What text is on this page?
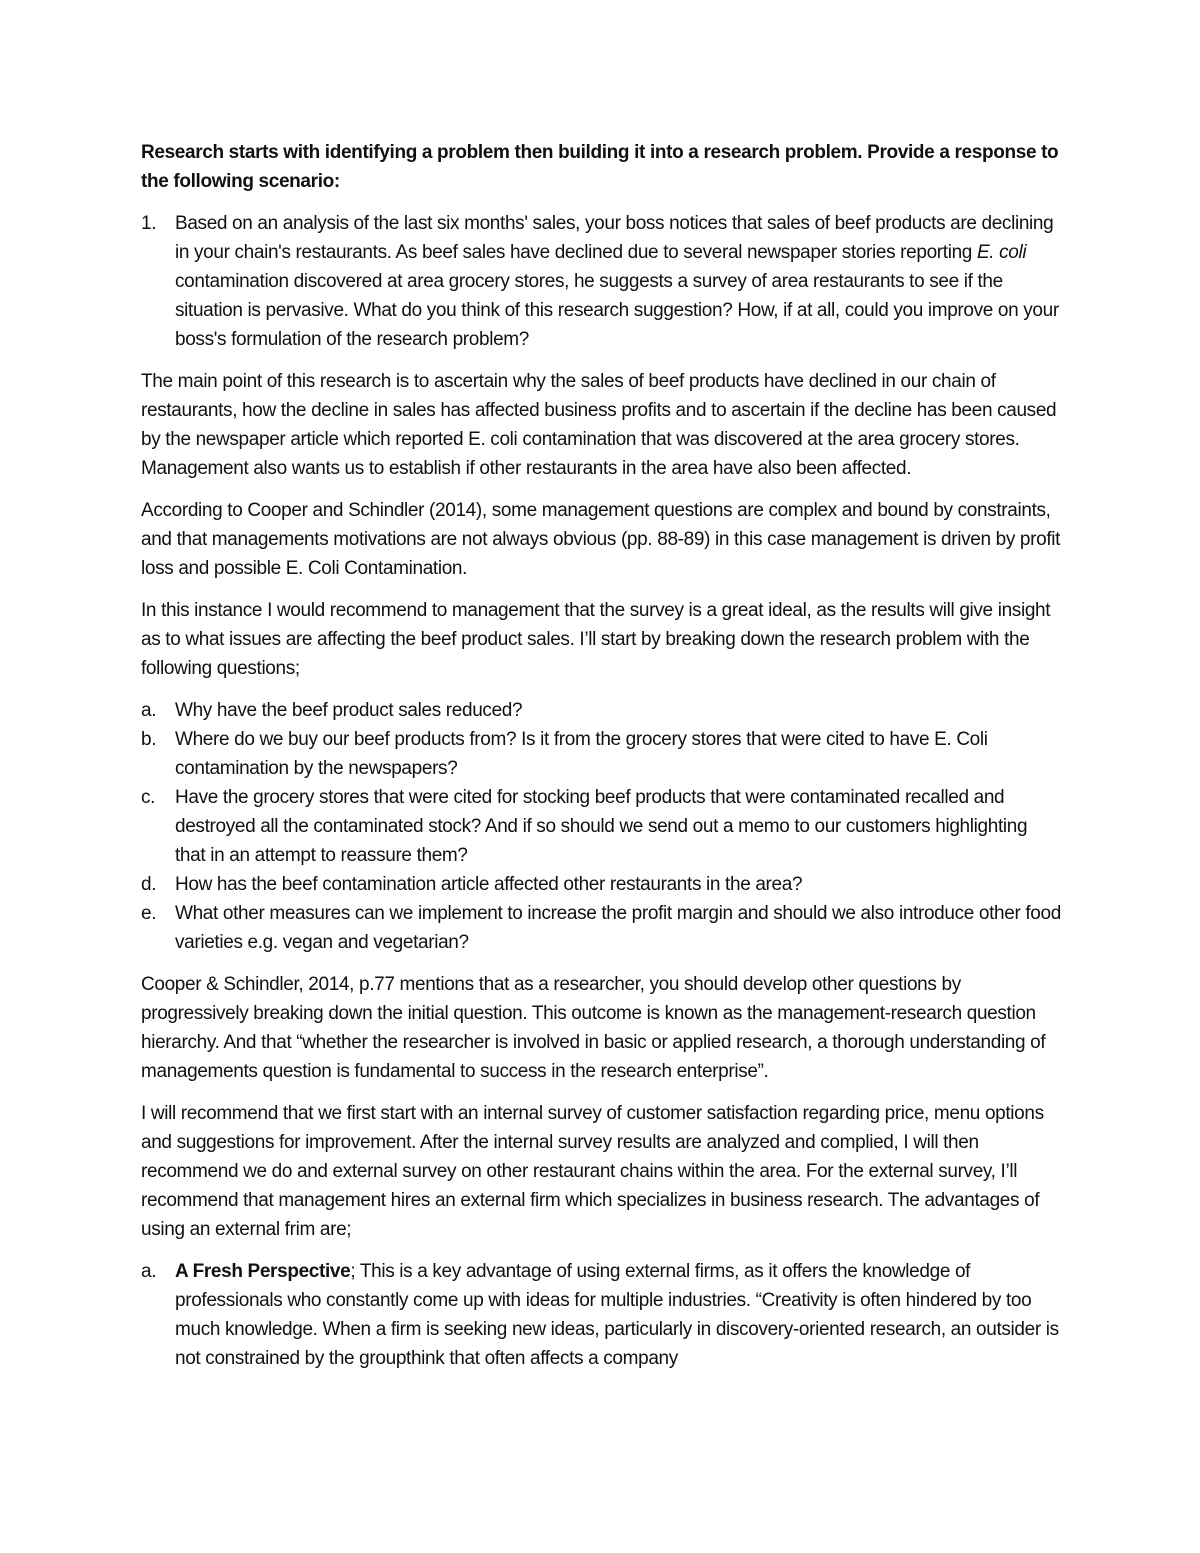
Research starts with identifying a problem then building it into a research problem. Provide a response to the following scenario:

1. Based on an analysis of the last six months' sales, your boss notices that sales of beef products are declining in your chain's restaurants. As beef sales have declined due to several newspaper stories reporting E. coli contamination discovered at area grocery stores, he suggests a survey of area restaurants to see if the situation is pervasive. What do you think of this research suggestion? How, if at all, could you improve on your boss's formulation of the research problem?

The main point of this research is to ascertain why the sales of beef products have declined in our chain of restaurants, how the decline in sales has affected business profits and to ascertain if the decline has been caused by the newspaper article which reported E. coli contamination that was discovered at the area grocery stores. Management also wants us to establish if other restaurants in the area have also been affected.

According to Cooper and Schindler (2014), some management questions are complex and bound by constraints, and that managements motivations are not always obvious (pp. 88-89) in this case management is driven by profit loss and possible E. Coli Contamination.

In this instance I would recommend to management that the survey is a great ideal, as the results will give insight as to what issues are affecting the beef product sales. I’ll start by breaking down the research problem with the following questions;

a. Why have the beef product sales reduced?
b. Where do we buy our beef products from? Is it from the grocery stores that were cited to have E. Coli contamination by the newspapers?
c. Have the grocery stores that were cited for stocking beef products that were contaminated recalled and destroyed all the contaminated stock? And if so should we send out a memo to our customers highlighting that in an attempt to reassure them?
d. How has the beef contamination article affected other restaurants in the area?
e. What other measures can we implement to increase the profit margin and should we also introduce other food varieties e.g. vegan and vegetarian?

Cooper & Schindler, 2014, p.77 mentions that as a researcher, you should develop other questions by progressively breaking down the initial question. This outcome is known as the management-research question hierarchy. And that “whether the researcher is involved in basic or applied research, a thorough understanding of managements question is fundamental to success in the research enterprise”.

I will recommend that we first start with an internal survey of customer satisfaction regarding price, menu options and suggestions for improvement. After the internal survey results are analyzed and complied, I will then recommend we do and external survey on other restaurant chains within the area. For the external survey, I’ll recommend that management hires an external firm which specializes in business research. The advantages of using an external frim are;

a. A Fresh Perspective; This is a key advantage of using external firms, as it offers the knowledge of professionals who constantly come up with ideas for multiple industries. “Creativity is often hindered by too much knowledge. When a firm is seeking new ideas, particularly in discovery-oriented research, an outsider is not constrained by the groupthink that often affects a company
